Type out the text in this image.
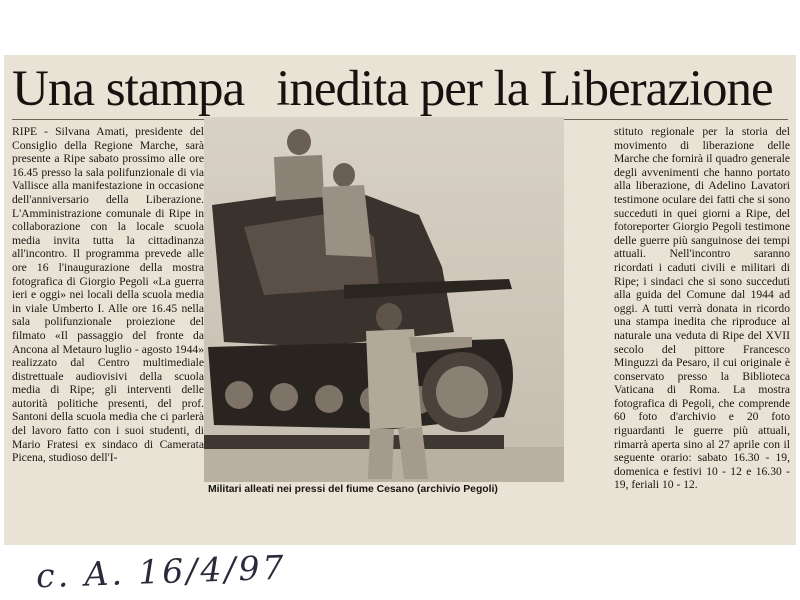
Una stampa inedita per la Liberazione
RIPE - Silvana Amati, presidente del Consiglio della Regione Marche, sarà presente a Ripe sabato prossimo alle ore 16.45 presso la sala polifunzionale di via Vallisce alla manifestazione in occasione dell'anniversario della Liberazione. L'Amministrazione comunale di Ripe in collaborazione con la locale scuola media invita tutta la cittadinanza all'incontro. Il programma prevede alle ore 16 l'inaugurazione della mostra fotografica di Giorgio Pegoli «La guerra ieri e oggi» nei locali della scuola media in viale Umberto I. Alle ore 16.45 nella sala polifunzionale proiezione del filmato «Il passaggio del fronte da Ancona al Metauro luglio - agosto 1944» realizzato dal Centro multimediale distrettuale audiovisivi della scuola media di Ripe; gli interventi delle autorità politiche presenti, del prof. Santoni della scuola media che ci parlerà del lavoro fatto con i suoi studenti, di Mario Fratesi ex sindaco di Camerata Picena, studioso dell'I-
Militari alleati nei pressi del fiume Cesano (archivio Pegoli)
stituto regionale per la storia del movimento di liberazione delle Marche che fornirà il quadro generale degli avvenimenti che hanno portato alla liberazione, di Adelino Lavatori testimone oculare dei fatti che si sono succeduti in quei giorni a Ripe, del fotoreporter Giorgio Pegoli testimone delle guerre più sanguinose dei tempi attuali. Nell'incontro saranno ricordati i caduti civili e militari di Ripe; i sindaci che si sono succeduti alla guida del Comune dal 1944 ad oggi. A tutti verrà donata in ricordo una stampa inedita che riproduce al naturale una veduta di Ripe del XVII secolo del pittore Francesco Minguzzi da Pesaro, il cui originale è conservato presso la Biblioteca Vaticana di Roma. La mostra fotografica di Pegoli, che comprende 60 foto d'archivio e 20 foto riguardanti le guerre più attuali, rimarrà aperta sino al 27 aprile con il seguente orario: sabato 16.30 - 19, domenica e festivi 10 - 12 e 16.30 - 19, feriali 10 - 12.
c. A. 16/4/97
